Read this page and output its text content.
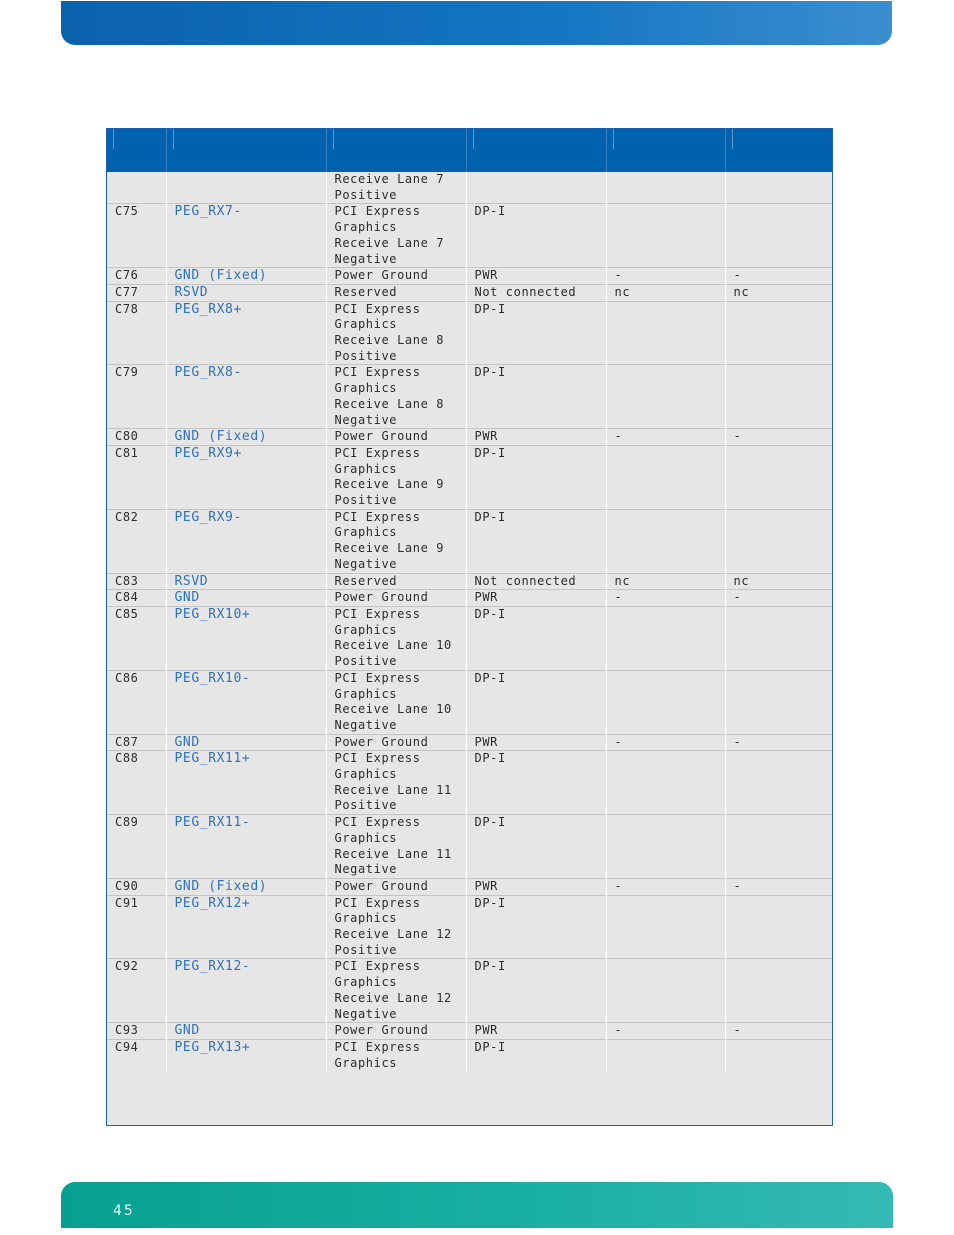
		Receive Lane 7 Positive			
C75	PEG_RX7-	PCI Express Graphics Receive Lane 7 Negative	DP-I		
C76	GND (Fixed)	Power Ground	PWR	-	-
C77	RSVD	Reserved	Not connected	nc	nc
C78	PEG_RX8+	PCI Express Graphics Receive Lane 8 Positive	DP-I		
C79	PEG_RX8-	PCI Express Graphics Receive Lane 8 Negative	DP-I		
C80	GND (Fixed)	Power Ground	PWR	-	-
C81	PEG_RX9+	PCI Express Graphics Receive Lane 9 Positive	DP-I		
C82	PEG_RX9-	PCI Express Graphics Receive Lane 9 Negative	DP-I		
C83	RSVD	Reserved	Not connected	nc	nc
C84	GND	Power Ground	PWR	-	-
C85	PEG_RX10+	PCI Express Graphics Receive Lane 10 Positive	DP-I		
C86	PEG_RX10-	PCI Express Graphics Receive Lane 10 Negative	DP-I		
C87	GND	Power Ground	PWR	-	-
C88	PEG_RX11+	PCI Express Graphics Receive Lane 11 Positive	DP-I		
C89	PEG_RX11-	PCI Express Graphics Receive Lane 11 Negative	DP-I		
C90	GND (Fixed)	Power Ground	PWR	-	-
C91	PEG_RX12+	PCI Express Graphics Receive Lane 12 Positive	DP-I		
C92	PEG_RX12-	PCI Express Graphics Receive Lane 12 Negative	DP-I		
C93	GND	Power Ground	PWR	-	-
C94	PEG_RX13+	PCI Express Graphics	DP-I		
45
